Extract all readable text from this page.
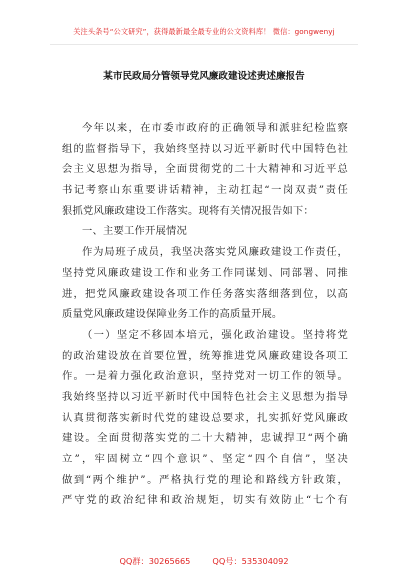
关注头条号“公文研究”，获得最新最全最专业的公文资料库！ 微信：gongwenyj
某市民政局分管领导党风廉政建设述责述廉报告
今年以来，在市委市政府的正确领导和派驻纪检监察
组的监督指导下，我始终坚持以习近平新时代中国特色社
会主义思想为指导，全面贯彻党的二十大精神和习近平总
书记考察山东重要讲话精神，主动扛起“一岗双责”责任
狠抓党风廉政建设工作落实。现将有关情况报告如下：
一、主要工作开展情况
作为局班子成员，我坚决落实党风廉政建设工作责任，
坚持党风廉政建设工作和业务工作同谋划、同部署、同推
进，把党风廉政建设各项工作任务落实落细落到位，以高
质量党风廉政建设保障业务工作的高质量开展。
（一）坚定不移固本培元，强化政治建设。坚持将党
的政治建设放在首要位置，统筹推进党风廉政建设各项工
作。一是着力强化政治意识，坚持党对一切工作的领导。
我始终坚持以习近平新时代中国特色社会主义思想为指导
认真贯彻落实新时代党的建设总要求，扎实抓好党风廉政
建设。全面贯彻落实党的二十大精神，忠诚捍卫“两个确
立”，牢固树立“四个意识”、坚定“四个自信”，坚决
做到“两个维护”。严格执行党的理论和路线方针政策，
严守党的政治纪律和政治规矩，切实有效防止“七个有
QQ群：30265665	QQ号：535304092
